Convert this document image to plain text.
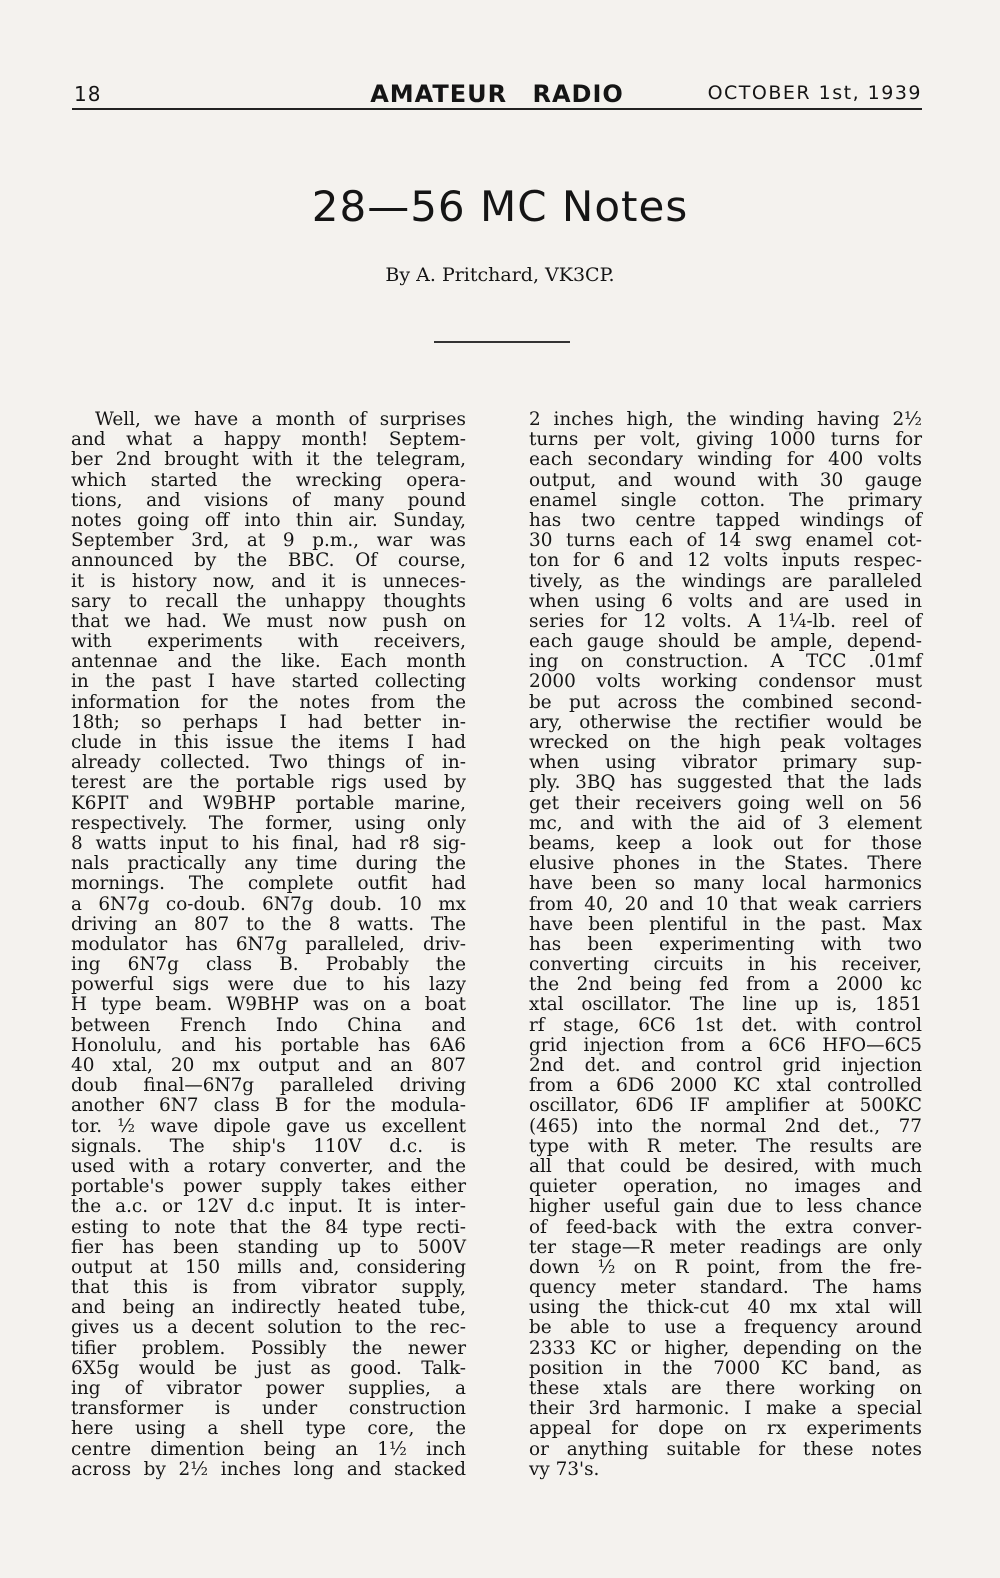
18	AMATEUR RADIO	OCTOBER 1st, 1939
28—56 MC Notes
By A. Pritchard, VK3CP.
Well, we have a month of surprises
and what a happy month! Septem-
ber 2nd brought with it the telegram,
which started the wrecking opera-
tions, and visions of many pound
notes going off into thin air. Sunday,
September 3rd, at 9 p.m., war was
announced by the BBC. Of course,
it is history now, and it is unneces-
sary to recall the unhappy thoughts
that we had. We must now push on
with experiments with receivers,
antennae and the like. Each month
in the past I have started collecting
information for the notes from the
18th; so perhaps I had better in-
clude in this issue the items I had
already collected. Two things of in-
terest are the portable rigs used by
K6PIT and W9BHP portable marine,
respectively. The former, using only
8 watts input to his final, had r8 sig-
nals practically any time during the
mornings. The complete outfit had
a 6N7g co-doub. 6N7g doub. 10 mx
driving an 807 to the 8 watts. The
modulator has 6N7g paralleled, driv-
ing 6N7g class B. Probably the
powerful sigs were due to his lazy
H type beam. W9BHP was on a boat
between French Indo China and
Honolulu, and his portable has 6A6
40 xtal, 20 mx output and an 807
doub final—6N7g paralleled driving
another 6N7 class B for the modula-
tor. ½ wave dipole gave us excellent
signals. The ship's 110V d.c. is
used with a rotary converter, and the
portable's power supply takes either
the a.c. or 12V d.c input. It is inter-
esting to note that the 84 type recti-
fier has been standing up to 500V
output at 150 mills and, considering
that this is from vibrator supply,
and being an indirectly heated tube,
gives us a decent solution to the rec-
tifier problem. Possibly the newer
6X5g would be just as good. Talk-
ing of vibrator power supplies, a
transformer is under construction
here using a shell type core, the
centre dimention being an 1½ inch
across by 2½ inches long and stacked
2 inches high, the winding having 2½
turns per volt, giving 1000 turns for
each secondary winding for 400 volts
output, and wound with 30 gauge
enamel single cotton. The primary
has two centre tapped windings of
30 turns each of 14 swg enamel cot-
ton for 6 and 12 volts inputs respec-
tively, as the windings are paralleled
when using 6 volts and are used in
series for 12 volts. A 1¼-lb. reel of
each gauge should be ample, depend-
ing on construction. A TCC .01mf
2000 volts working condensor must
be put across the combined second-
ary, otherwise the rectifier would be
wrecked on the high peak voltages
when using vibrator primary sup-
ply. 3BQ has suggested that the lads
get their receivers going well on 56
mc, and with the aid of 3 element
beams, keep a look out for those
elusive phones in the States. There
have been so many local harmonics
from 40, 20 and 10 that weak carriers
have been plentiful in the past. Max
has been experimenting with two
converting circuits in his receiver,
the 2nd being fed from a 2000 kc
xtal oscillator. The line up is, 1851
rf stage, 6C6 1st det. with control
grid injection from a 6C6 HFO—6C5
2nd det. and control grid injection
from a 6D6 2000 KC xtal controlled
oscillator, 6D6 IF amplifier at 500KC
(465) into the normal 2nd det., 77
type with R meter. The results are
all that could be desired, with much
quieter operation, no images and
higher useful gain due to less chance
of feed-back with the extra conver-
ter stage—R meter readings are only
down ½ on R point, from the fre-
quency meter standard. The hams
using the thick-cut 40 mx xtal will
be able to use a frequency around
2333 KC or higher, depending on the
position in the 7000 KC band, as
these xtals are there working on
their 3rd harmonic. I make a special
appeal for dope on rx experiments
or anything suitable for these notes
vy 73's.
